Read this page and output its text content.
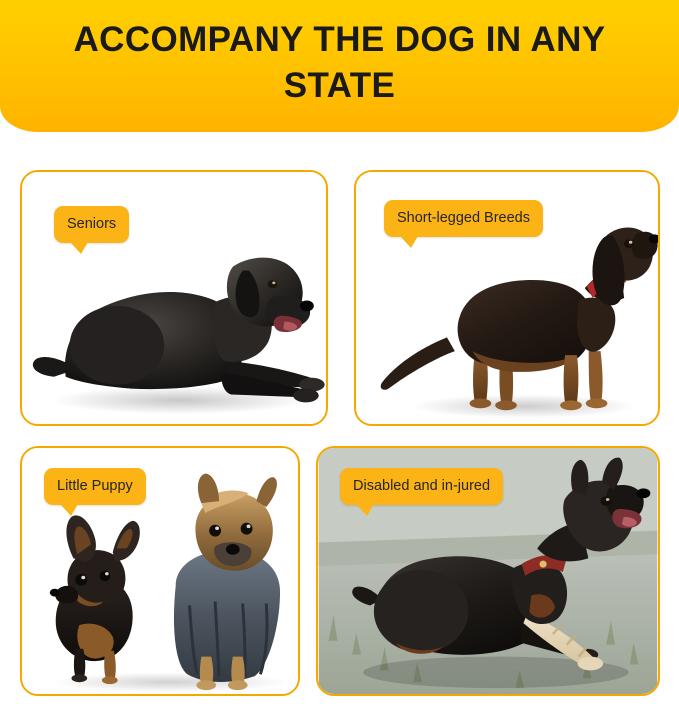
ACCOMPANY THE DOG IN ANY STATE
Seniors	Short-legged Breeds
Little Puppy	Disabled and in-jured
